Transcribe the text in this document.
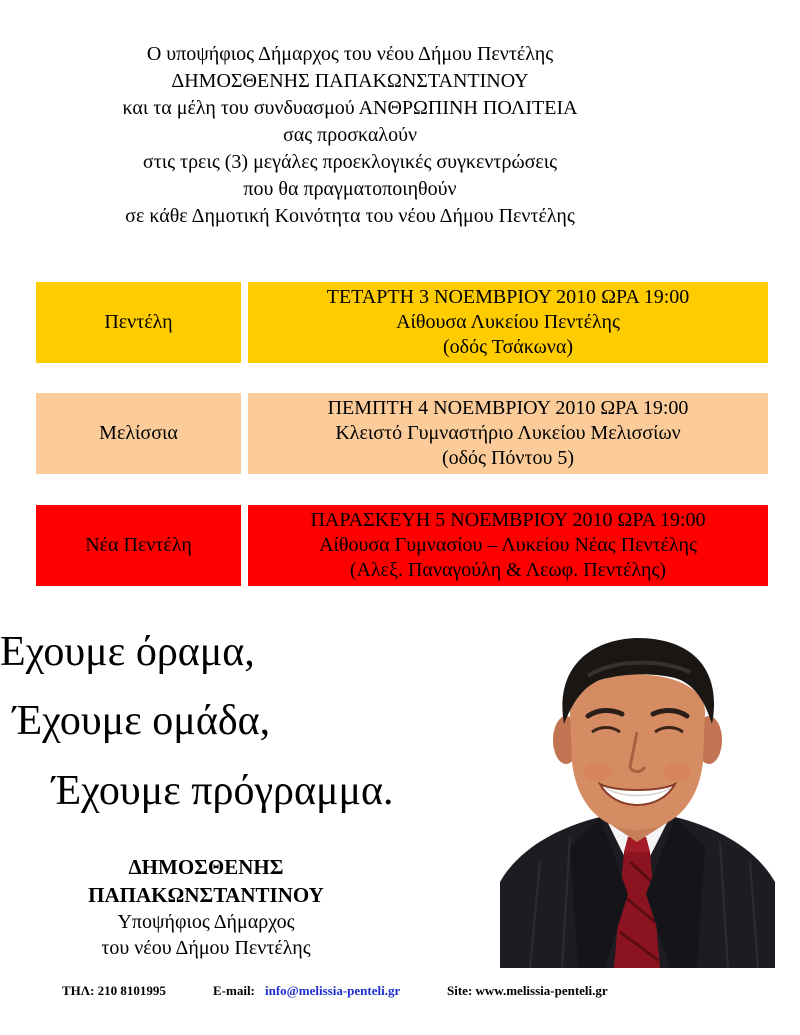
Ο υποψήφιος Δήμαρχος του νέου Δήμου Πεντέλης
ΔΗΜΟΣΘΕΝΗΣ ΠΑΠΑΚΩΝΣΤΑΝΤΙΝΟΥ
και τα μέλη του συνδυασμού ΑΝΘΡΩΠΙΝΗ ΠΟΛΙΤΕΙΑ
σας προσκαλούν
στις τρεις (3) μεγάλες προεκλογικές συγκεντρώσεις
που θα πραγματοποιηθούν
σε κάθε Δημοτική Κοινότητα του νέου Δήμου Πεντέλης
Πεντέλη
ΤΕΤΑΡΤΗ 3 ΝΟΕΜΒΡΙΟΥ 2010 ΩΡΑ 19:00
Αίθουσα Λυκείου Πεντέλης
(οδός Τσάκωνα)
Μελίσσια
ΠΕΜΠΤΗ 4 ΝΟΕΜΒΡΙΟΥ 2010 ΩΡΑ 19:00
Κλειστό Γυμναστήριο Λυκείου Μελισσίων
(οδός Πόντου 5)
Νέα Πεντέλη
ΠΑΡΑΣΚΕΥΗ 5 ΝΟΕΜΒΡΙΟΥ 2010 ΩΡΑ 19:00
Αίθουσα Γυμνασίου – Λυκείου Νέας Πεντέλης
(Αλεξ. Παναγούλη & Λεωφ. Πεντέλης)
Εχουμε όραμα,
Έχουμε ομάδα,
Έχουμε πρόγραμμα.
ΔΗΜΟΣΘΕΝΗΣ
ΠΑΠΑΚΩΝΣΤΑΝΤΙΝΟΥ
Υποψήφιος Δήμαρχος
του νέου Δήμου Πεντέλης
ΤΗΛ: 210 8101995	E-mail: info@melissia-penteli.gr	Site: www.melissia-penteli.gr
